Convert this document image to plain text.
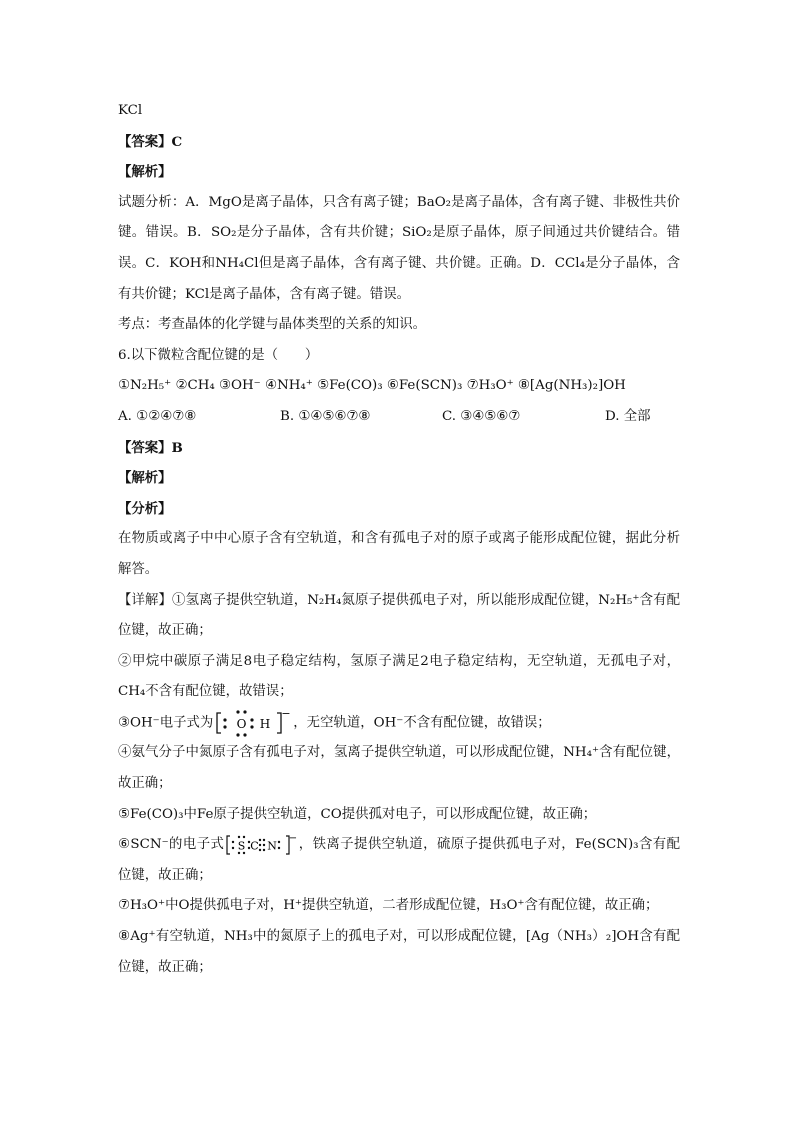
KCl
【答案】C
【解析】
试题分析：A．MgO是离子晶体，只含有离子键；BaO₂是离子晶体，含有离子键、非极性共价键。错误。B．SO₂是分子晶体，含有共价键；SiO₂是原子晶体，原子间通过共价键结合。错误。C．KOH和NH₄Cl但是离子晶体，含有离子键、共价键。正确。D．CCl₄是分子晶体，含有共价键；KCl是离子晶体，含有离子键。错误。
考点：考查晶体的化学键与晶体类型的关系的知识。
6.以下微粒含配位键的是（　　）
①N₂H₅⁺ ②CH₄ ③OH⁻ ④NH₄⁺ ⑤Fe(CO)₃ ⑥Fe(SCN)₃ ⑦H₃O⁺ ⑧[Ag(NH₃)₂]OH
A. ①②④⑦⑧	B. ①④⑤⑥⑦⑧	C. ③④⑤⑥⑦	D. 全部
【答案】B
【解析】
【分析】
在物质或离子中中心原子含有空轨道，和含有孤电子对的原子或离子能形成配位键，据此分析解答。
【详解】①氢离子提供空轨道，N₂H₄氮原子提供孤电子对，所以能形成配位键，N₂H₅⁺含有配位键，故正确；
②甲烷中碳原子满足8电子稳定结构，氢原子满足2电子稳定结构，无空轨道，无孤电子对，CH₄不含有配位键，故错误；
③OH⁻电子式为 O H
−
，无空轨道，OH⁻不含有配位键，故错误；
④氨气分子中氮原子含有孤电子对，氢离子提供空轨道，可以形成配位键，NH₄⁺含有配位键，故正确；
⑤Fe(CO)₃中Fe原子提供空轨道，CO提供孤对电子，可以形成配位键，故正确；
⑥SCN⁻的电子式 S C N
− ，铁离子提供空轨道，硫原子提供孤电子对，Fe(SCN)₃含有配位键，故正确；
⑦H₃O⁺中O提供孤电子对，H⁺提供空轨道，二者形成配位键，H₃O⁺含有配位键，故正确；
⑧Ag⁺有空轨道，NH₃中的氮原子上的孤电子对，可以形成配位键，[Ag（NH₃）₂]OH含有配位键，故正确；
